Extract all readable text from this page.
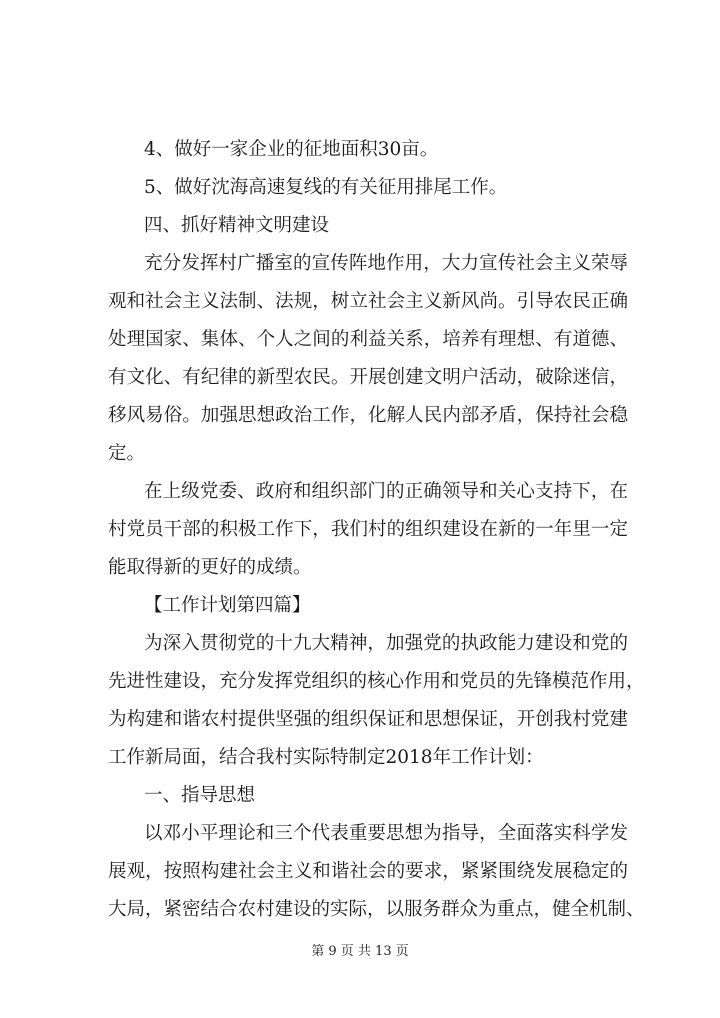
4、做好一家企业的征地面积30亩。
5、做好沈海高速复线的有关征用排尾工作。
四、抓好精神文明建设
充分发挥村广播室的宣传阵地作用，大力宣传社会主义荣辱
观和社会主义法制、法规，树立社会主义新风尚。引导农民正确
处理国家、集体、个人之间的利益关系，培养有理想、有道德、
有文化、有纪律的新型农民。开展创建文明户活动，破除迷信，
移风易俗。加强思想政治工作，化解人民内部矛盾，保持社会稳
定。
在上级党委、政府和组织部门的正确领导和关心支持下，在
村党员干部的积极工作下，我们村的组织建设在新的一年里一定
能取得新的更好的成绩。
【工作计划第四篇】
为深入贯彻党的十九大精神，加强党的执政能力建设和党的
先进性建设，充分发挥党组织的核心作用和党员的先锋模范作用，
为构建和谐农村提供坚强的组织保证和思想保证，开创我村党建
工作新局面，结合我村实际特制定2018年工作计划：
一、指导思想
以邓小平理论和三个代表重要思想为指导，全面落实科学发
展观，按照构建社会主义和谐社会的要求，紧紧围绕发展稳定的
大局，紧密结合农村建设的实际，以服务群众为重点，健全机制、
第 9 页 共 13 页
